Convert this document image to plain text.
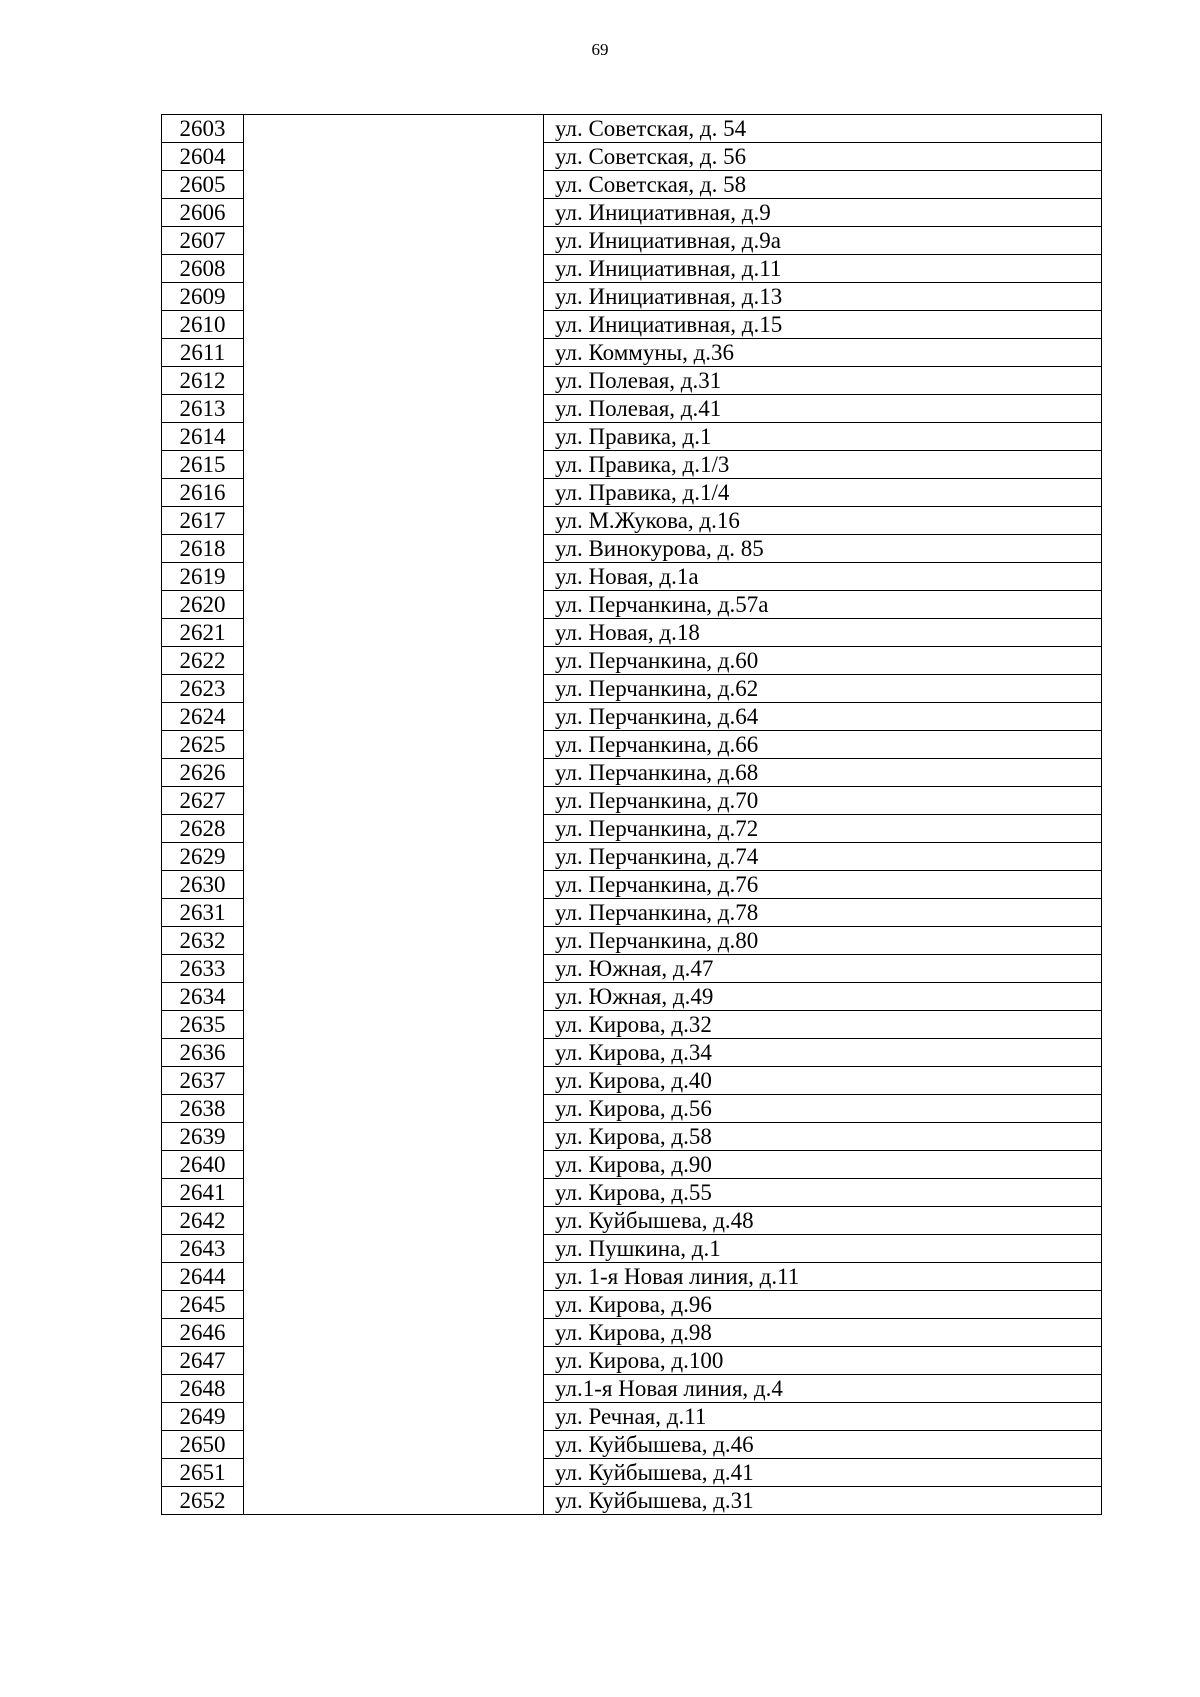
69
2603		ул. Советская, д. 54
2604		ул. Советская, д. 56
2605		ул. Советская, д. 58
2606		ул. Инициативная, д.9
2607		ул. Инициативная, д.9а
2608		ул. Инициативная, д.11
2609		ул. Инициативная, д.13
2610		ул. Инициативная, д.15
2611		ул. Коммуны, д.36
2612		ул. Полевая, д.31
2613		ул. Полевая, д.41
2614		ул. Правика, д.1
2615		ул. Правика, д.1/3
2616		ул. Правика, д.1/4
2617		ул. М.Жукова, д.16
2618		ул. Винокурова, д. 85
2619		ул. Новая, д.1а
2620		ул. Перчанкина, д.57а
2621		ул. Новая, д.18
2622		ул. Перчанкина, д.60
2623		ул. Перчанкина, д.62
2624		ул. Перчанкина, д.64
2625		ул. Перчанкина, д.66
2626		ул. Перчанкина, д.68
2627		ул. Перчанкина, д.70
2628		ул. Перчанкина, д.72
2629		ул. Перчанкина, д.74
2630		ул. Перчанкина, д.76
2631		ул. Перчанкина, д.78
2632		ул. Перчанкина, д.80
2633		ул. Южная, д.47
2634		ул. Южная, д.49
2635		ул. Кирова, д.32
2636		ул. Кирова, д.34
2637		ул. Кирова, д.40
2638		ул. Кирова, д.56
2639		ул. Кирова, д.58
2640		ул. Кирова, д.90
2641		ул. Кирова, д.55
2642		ул. Куйбышева, д.48
2643		ул. Пушкина, д.1
2644		ул. 1-я Новая линия, д.11
2645		ул. Кирова, д.96
2646		ул. Кирова, д.98
2647		ул. Кирова, д.100
2648		ул.1-я Новая линия, д.4
2649		ул. Речная, д.11
2650		ул. Куйбышева, д.46
2651		ул. Куйбышева, д.41
2652		ул. Куйбышева, д.31
